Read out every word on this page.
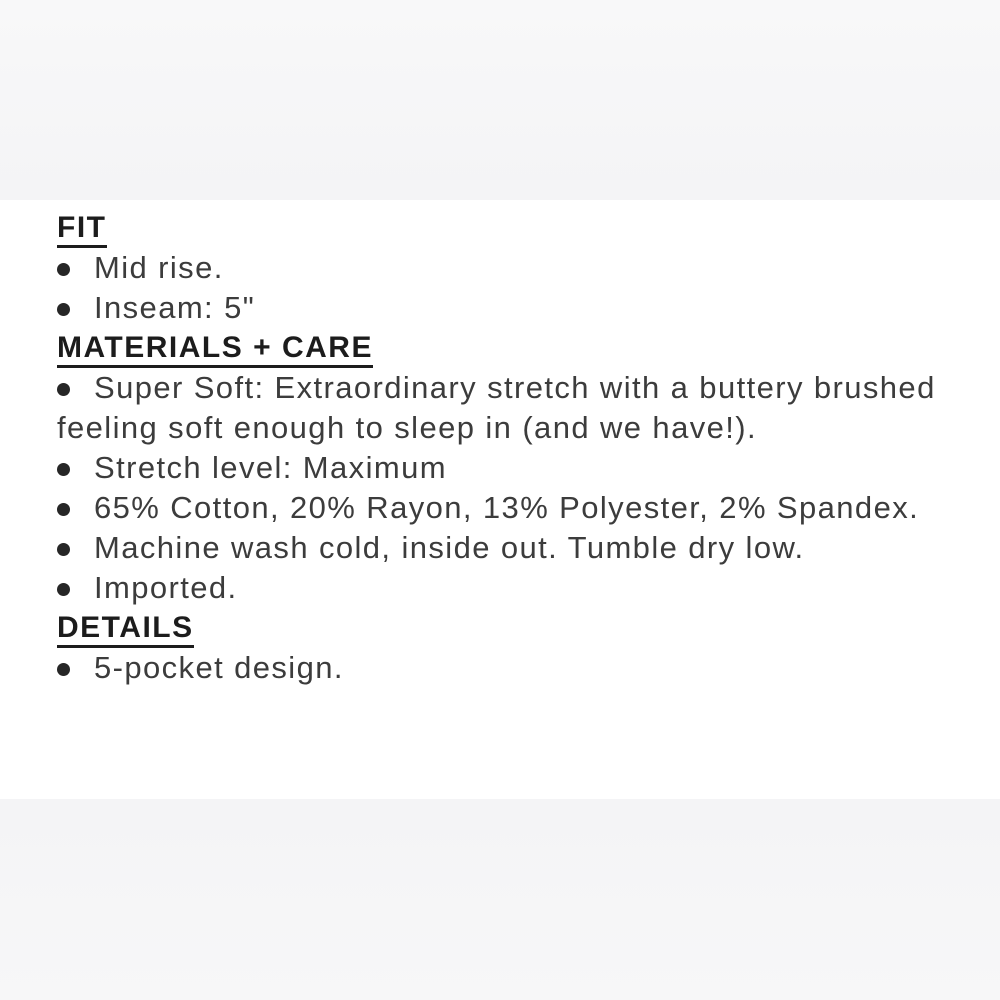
FIT
Mid rise.
Inseam: 5"
MATERIALS + CARE
Super Soft: Extraordinary stretch with a buttery brushed feeling soft enough to sleep in (and we have!).
Stretch level: Maximum
65% Cotton, 20% Rayon, 13% Polyester, 2% Spandex.
Machine wash cold, inside out. Tumble dry low.
Imported.
DETAILS
5-pocket design.
